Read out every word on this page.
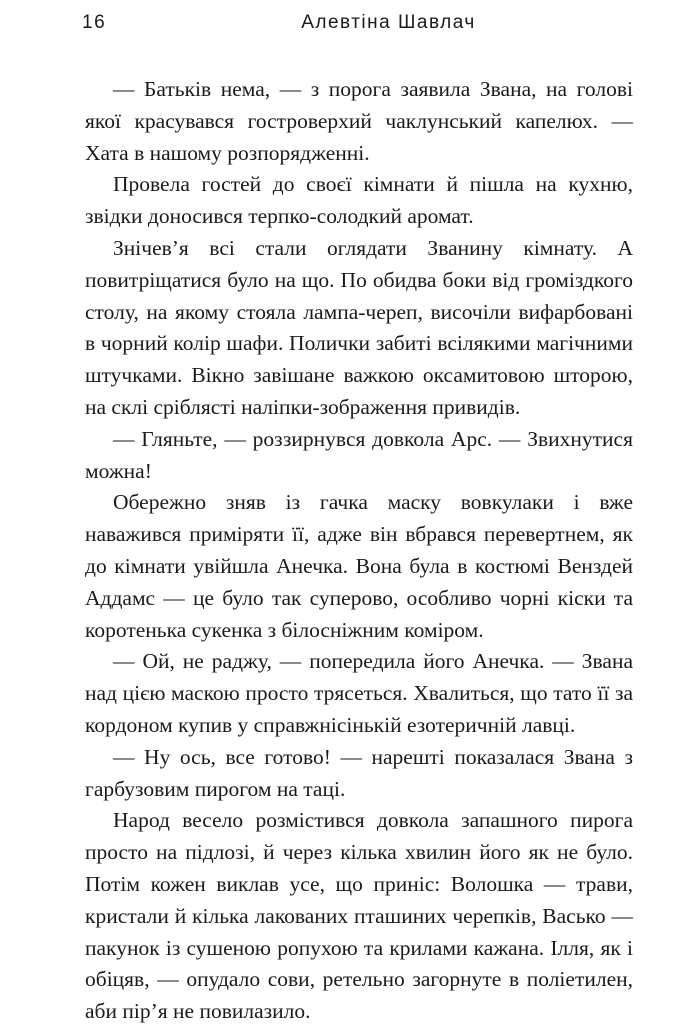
16	Алевтіна Шавлач

— Батьків нема, — з порога заявила Звана, на голові якої красувався гостроверхий чаклунський капелюх. — Хата в нашому розпорядженні.

Провела гостей до своєї кімнати й пішла на кухню, звідки доносився терпко-солодкий аромат.

Знічев’я всі стали оглядати Званину кімнату. А повитріщатися було на що. По обидва боки від громіздкого столу, на якому стояла лампа-череп, височіли вифарбовані в чорний колір шафи. Полички забиті всілякими магічними штучками. Вікно завішане важкою оксамитовою шторою, на склі сріблясті наліпки-зображення привидів.

— Гляньте, — роззирнувся довкола Арс. — Звихнутися можна!

Обережно зняв із гачка маску вовкулаки і вже наважився приміряти її, адже він вбрався перевертнем, як до кімнати увійшла Анечка. Вона була в костюмі Венздей Аддамс — це було так суперово, особливо чорні кіски та коротенька сукенка з білосніжним коміром.

— Ой, не раджу, — попередила його Анечка. — Звана над цією маскою просто трясеться. Хвалиться, що тато її за кордоном купив у справжнісінькій езотеричній лавці.

— Ну ось, все готово! — нарешті показалася Звана з гарбузовим пирогом на таці.

Народ весело розмістився довкола запашного пирога просто на підлозі, й через кілька хвилин його як не було. Потім кожен виклав усе, що приніс: Волошка — трави, кристали й кілька лакованих пташиних черепків, Васько — пакунок із сушеною ропухою та крилами кажана. Ілля, як і обіцяв, — опудало сови, ретельно загорнуте в поліетилен, аби пір’я не повилазило.
